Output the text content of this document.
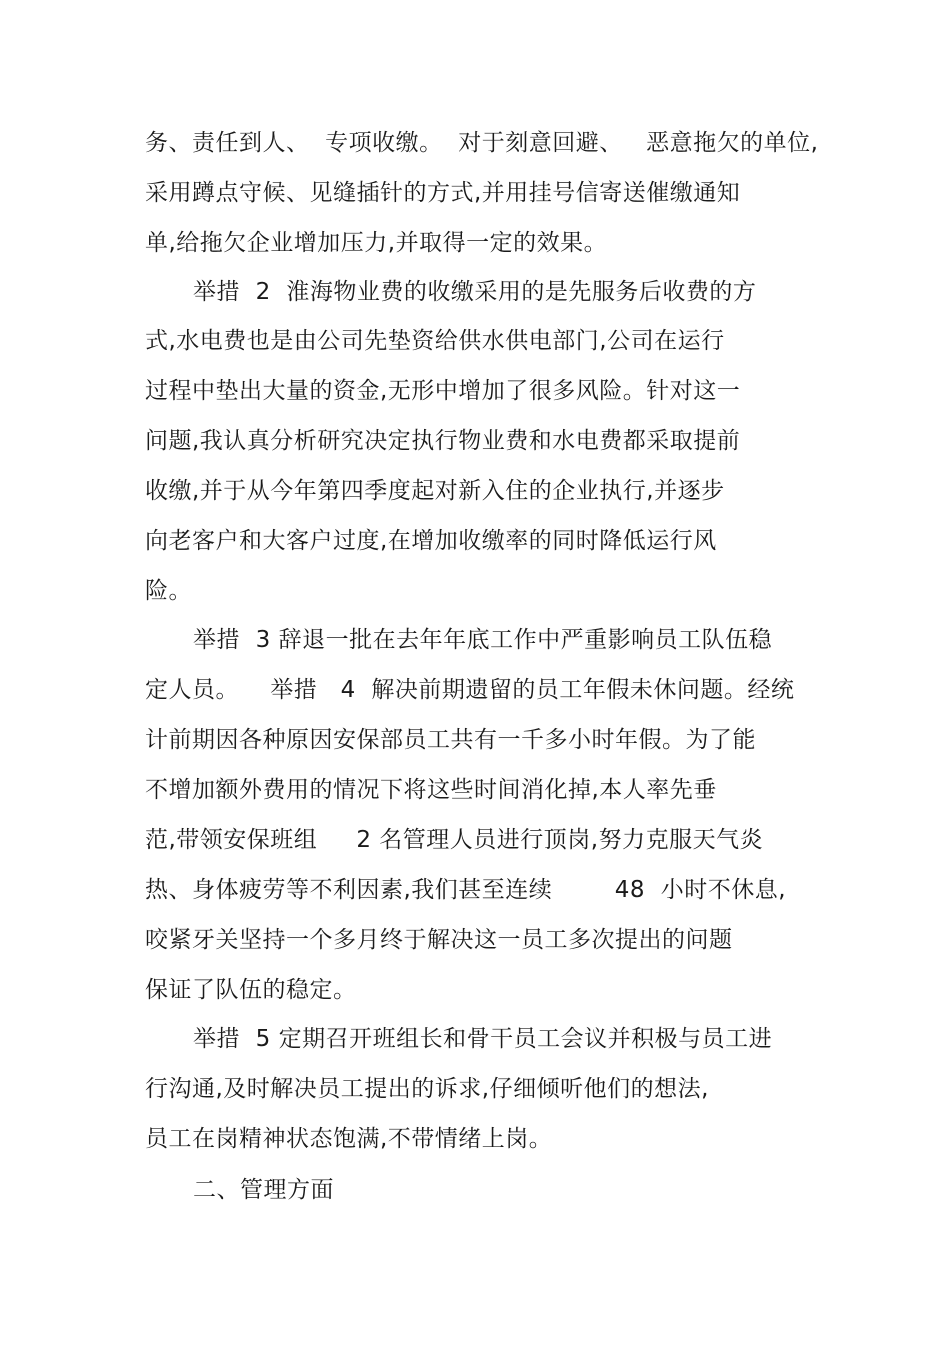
务、责任到人、  专项收缴。  对于刻意回避、   恶意拖欠的单位,
采用蹲点守候、见缝插针的方式,并用挂号信寄送催缴通知
单,给拖欠企业增加压力,并取得一定的效果。
举措  2  淮海物业费的收缴采用的是先服务后收费的方
式,水电费也是由公司先垫资给供水供电部门,公司在运行
过程中垫出大量的资金,无形中增加了很多风险。针对这一
问题,我认真分析研究决定执行物业费和水电费都采取提前
收缴,并于从今年第四季度起对新入住的企业执行,并逐步
向老客户和大客户过度,在增加收缴率的同时降低运行风
险。
举措  3 辞退一批在去年年底工作中严重影响员工队伍稳
定人员。    举措   4  解决前期遗留的员工年假未休问题。经统
计前期因各种原因安保部员工共有一千多小时年假。为了能
不增加额外费用的情况下将这些时间消化掉,本人率先垂
范,带领安保班组     2 名管理人员进行顶岗,努力克服天气炎
热、身体疲劳等不利因素,我们甚至连续        48  小时不休息,
咬紧牙关坚持一个多月终于解决这一员工多次提出的问题
保证了队伍的稳定。
举措  5 定期召开班组长和骨干员工会议并积极与员工进
行沟通,及时解决员工提出的诉求,仔细倾听他们的想法,
员工在岗精神状态饱满,不带情绪上岗。
二、管理方面
